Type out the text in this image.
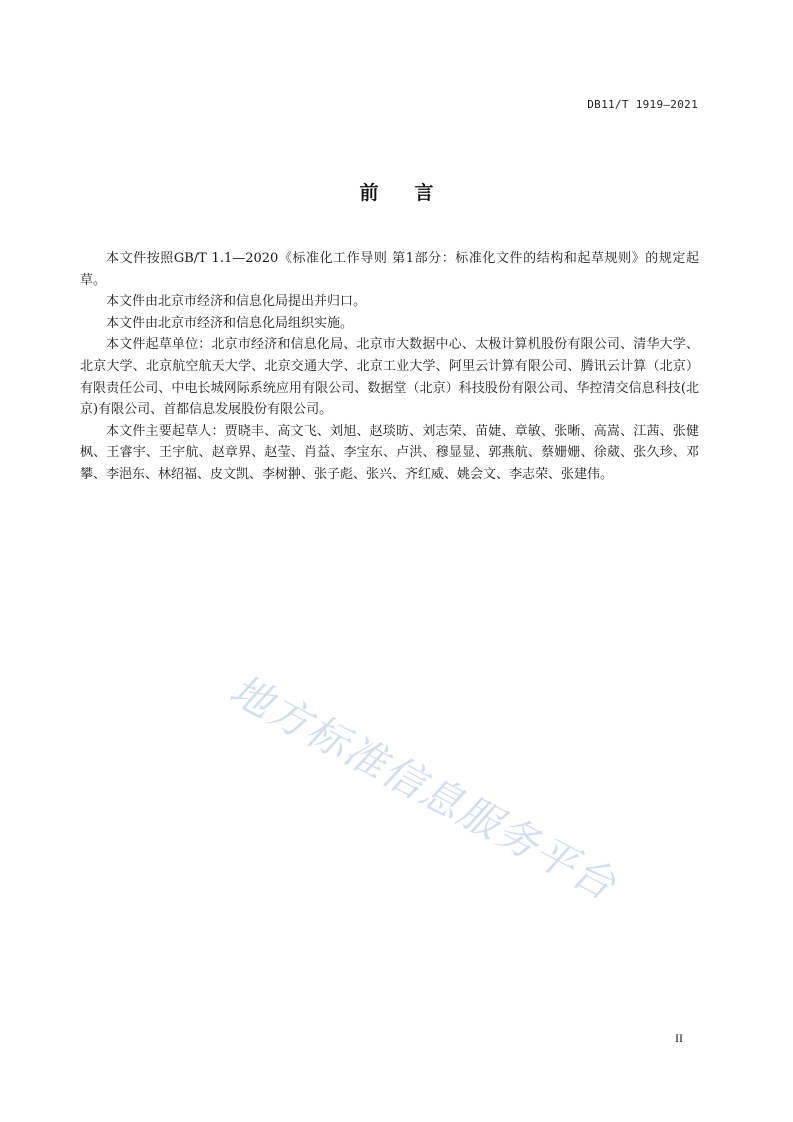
DB11/T 1919—2021
前言

本文件按照GB/T 1.1—2020《标准化工作导则 第1部分：标准化文件的结构和起草规则》的规定起草。

本文件由北京市经济和信息化局提出并归口。

本文件由北京市经济和信息化局组织实施。

本文件起草单位：北京市经济和信息化局、北京市大数据中心、太极计算机股份有限公司、清华大学、北京大学、北京航空航天大学、北京交通大学、北京工业大学、阿里云计算有限公司、腾讯云计算（北京）有限责任公司、中电长城网际系统应用有限公司、数据堂（北京）科技股份有限公司、华控清交信息科技(北京)有限公司、首都信息发展股份有限公司。

本文件主要起草人：贾晓丰、高文飞、刘旭、赵琰昉、刘志荣、苗婕、章敏、张晰、高嵩、江茜、张健枫、王睿宇、王宇航、赵章界、赵莹、肖益、李宝东、卢洪、穆显显、郭燕航、蔡姗姗、徐葳、张久珍、邓攀、李浥东、林绍福、皮文凯、李树翀、张子彪、张兴、齐红威、姚会文、李志荣、张建伟。

地方标准信息服务平台
II
